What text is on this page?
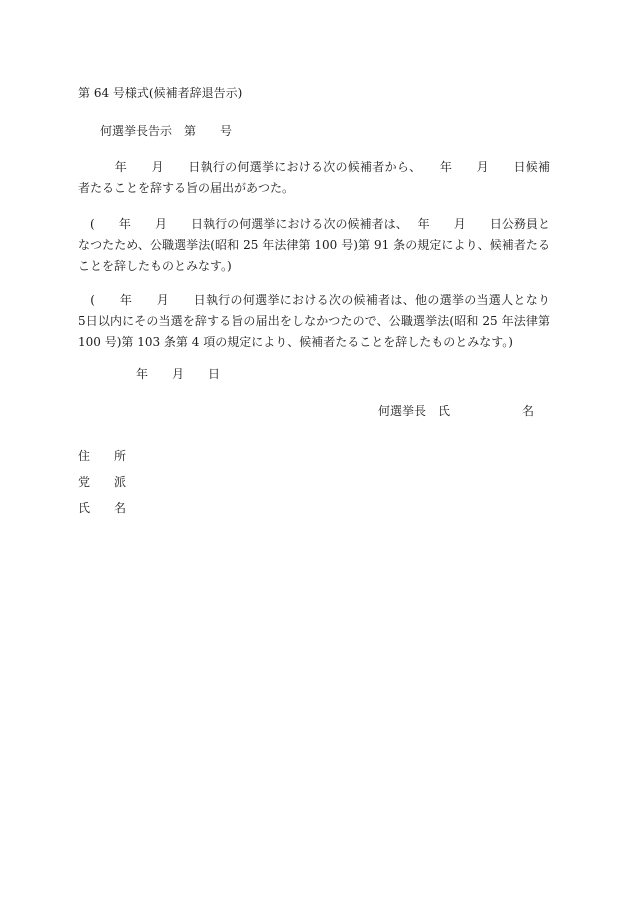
第 64 号様式(候補者辞退告示)
何選挙長告示　第　　号
　　　年　　月　　日執行の何選挙における次の候補者から、　　年　　月　　日候補者たることを辞する旨の届出があつた。
　(　　年　　月　　日執行の何選挙における次の候補者は、　 年　　月　　日公務員となつたため、公職選挙法(昭和 25 年法律第 100 号)第 91 条の規定により、候補者たることを辞したものとみなす。)
　(　　年　　月　　日執行の何選挙における次の候補者は、他の選挙の当選人となり 5日以内にその当選を辞する旨の届出をしなかつたので、公職選挙法(昭和 25 年法律第 100 号)第 103 条第 4 項の規定により、候補者たることを辞したものとみなす。)
年　　月　　日
何選挙長　氏　　　　　　名
住　　所
党　　派
氏　　名
